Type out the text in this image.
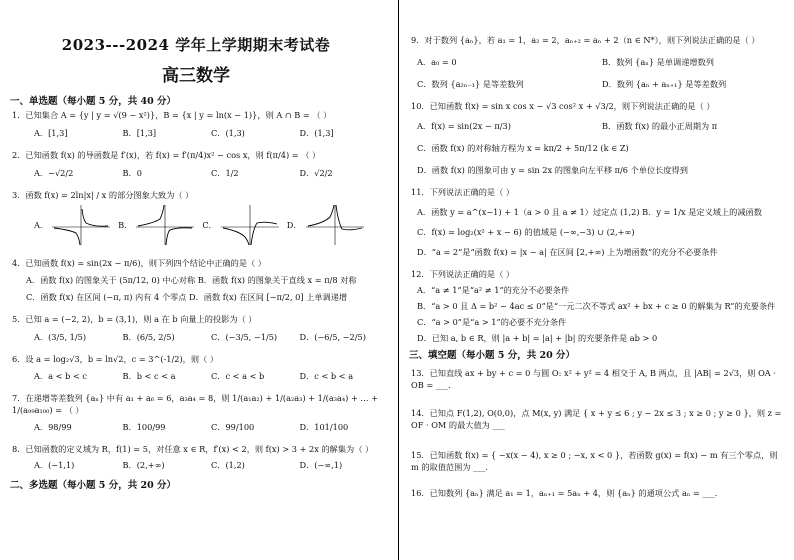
2023---2024 学年上学期期末考试卷
高三数学
一、单选题（每小题 5 分，共 40 分）
1．已知集合 A = {y | y = √(9 − x²)}，B = {x | y = ln(x − 1)}，则 A ∩ B = （ ）
A．[1,3]	B．[1,3]	C．(1,3)	D．(1,3]
2．已知函数 f(x) 的导函数是 f′(x)，若 f(x) = f′(π/4)x² − cos x，则 f(π/4) = （ ）
A．−√2/2	B．0	C．1/2	D．√2/2
3．函数 f(x) = 2ln|x| / x 的部分图象大致为（ ）
A．	B．	C．	D．
4．已知函数 f(x) = sin(2x − π/6)，则下列四个结论中正确的是（ ）
A．函数 f(x) 的图象关于 (5π/12, 0) 中心对称 B．函数 f(x) 的图象关于直线 x = π/8 对称
C．函数 f(x) 在区间 (−π, π) 内有 4 个零点 D．函数 f(x) 在区间 [−π/2, 0] 上单调递增
5．已知 a = (−2, 2)，b = (3,1)，则 a 在 b 向量上的投影为（ ）
A．(3/5, 1/5)	B．(6/5, 2/5)	C．(−3/5, −1/5)	D．(−6/5, −2/5)
6．设 a = log₂√3，b = ln√2，c = 3^(-1/2)，则（ ）
A．a < b < c	B．b < c < a	C．c < a < b	D．c < b < a
7．在递增等差数列 {aₙ} 中有 a₁ + a₆ = 6，a₃a₄ = 8，则 1/(a₁a₂) + 1/(a₂a₃) + 1/(a₃a₄) + … + 1/(a₉₉a₁₀₀) = （ ）
A．98/99	B．100/99	C．99/100	D．101/100
8．已知函数的定义域为 R，f(1) = 5，对任意 x ∈ R，f′(x) < 2，则 f(x) > 3 + 2x 的解集为（ ）
A．(−1,1)	B．(2,+∞)	C．(1,2)	D．(−∞,1)
二、多选题（每小题 5 分，共 20 分）
9．对于数列 {aₙ}，若 a₁ = 1，a₂ = 2，aₙ₊₂ = aₙ + 2（n ∈ N*），则下列说法正确的是（ ）
A．a₀ = 0	B．数列 {aₙ} 是单调递增数列
C．数列 {a₂ₙ₋₁} 是等差数列	D．数列 {aₙ + aₙ₊₁} 是等差数列
10．已知函数 f(x) = sin x cos x − √3 cos² x + √3/2，则下列说法正确的是（ ）
A．f(x) = sin(2x − π/3)	B．函数 f(x) 的最小正周期为 π
C．函数 f(x) 的对称轴方程为 x = kπ/2 + 5π/12 (k ∈ Z)
D．函数 f(x) 的图象可由 y = sin 2x 的图象向左平移 π/6 个单位长度得到
11．下列说法正确的是（ ）
A．函数 y = a^(x−1) + 1（a > 0 且 a ≠ 1）过定点 (1,2) B．y = 1/x 是定义域上的减函数
C．f(x) = log₂(x² + x − 6) 的值域是 (−∞,−3) ∪ (2,+∞)
D．“a = 2”是“函数 f(x) = |x − a| 在区间 [2,+∞) 上为增函数”的充分不必要条件
12．下列说法正确的是（ ）
A．“a ≠ 1”是“a² ≠ 1”的充分不必要条件
B．“a > 0 且 Δ = b² − 4ac ≤ 0”是“一元二次不等式 ax² + bx + c ≥ 0 的解集为 R”的充要条件
C．“a > 0”是“a > 1”的必要不充分条件
D．已知 a, b ∈ R，则 |a + b| = |a| + |b| 的充要条件是 ab > 0
三、填空题（每小题 5 分，共 20 分）
13．已知直线 ax + by + c = 0 与圆 O: x² + y² = 4 相交于 A, B 两点，且 |AB| = 2√3，则 OA · OB = ___.
14．已知点 F(1,2), O(0,0)，点 M(x, y) 满足 { x + y ≤ 6 ; y − 2x ≤ 3 ; x ≥ 0 ; y ≥ 0 }，则 z = OF · OM 的最大值为 ___
15．已知函数 f(x) = { −x(x − 4), x ≥ 0 ; −x, x < 0 }，若函数 g(x) = f(x) − m 有三个零点，则 m 的取值范围为 ___.
16．已知数列 {aₙ} 满足 a₁ = 1，aₙ₊₁ = 5aₙ + 4，则 {aₙ} 的通项公式 aₙ = ___.
